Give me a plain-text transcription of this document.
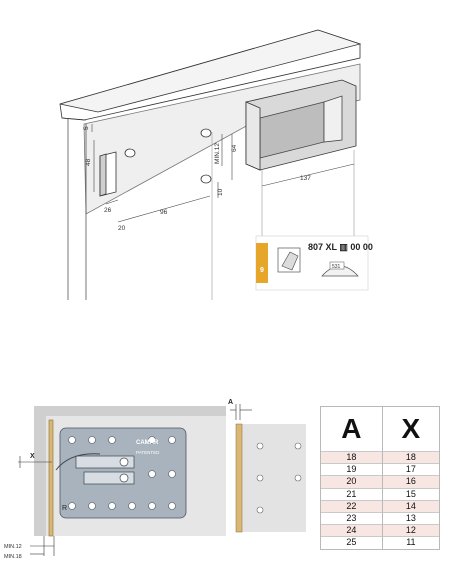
5
48
26
20
96
MIN.12 64
10
137
531
CAMAR
PATENTED
R
X
MIN.12
MIN.18
A
9
807 XL ▥ 00 00
A	X
18	18
19	17
20	16
21	15
22	14
23	13
24	12
25	11
